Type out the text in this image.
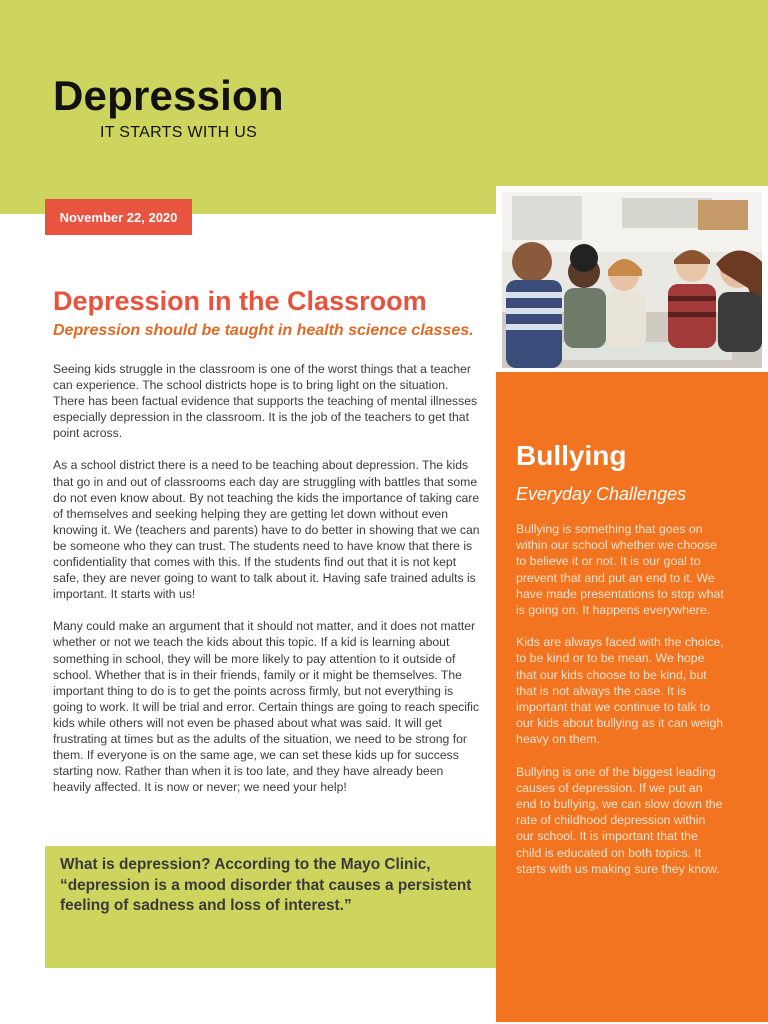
Depression
IT STARTS WITH US
November 22, 2020
Bullying
Everyday Challenges

Bullying is something that goes on within our school whether we choose to believe it or not. It is our goal to prevent that and put an end to it. We have made presentations to stop what is going on. It happens everywhere.

Kids are always faced with the choice, to be kind or to be mean. We hope that our kids choose to be kind, but that is not always the case. It is important that we continue to talk to our kids about bullying as it can weigh heavy on them.

Bullying is one of the biggest leading causes of depression. If we put an end to bullying, we can slow down the rate of childhood depression within our school. It is important that the child is educated on both topics. It starts with us making sure they know.

Depression in the Classroom
Depression should be taught in health science classes.

Seeing kids struggle in the classroom is one of the worst things that a teacher can experience. The school districts hope is to bring light on the situation. There has been factual evidence that supports the teaching of mental illnesses especially depression in the classroom. It is the job of the teachers to get that point across.

As a school district there is a need to be teaching about depression. The kids that go in and out of classrooms each day are struggling with battles that some do not even know about. By not teaching the kids the importance of taking care of themselves and seeking helping they are getting let down without even knowing it. We (teachers and parents) have to do better in showing that we can be someone who they can trust. The students need to have know that there is confidentiality that comes with this. If the students find out that it is not kept safe, they are never going to want to talk about it. Having safe trained adults is important. It starts with us!

Many could make an argument that it should not matter, and it does not matter whether or not we teach the kids about this topic. If a kid is learning about something in school, they will be more likely to pay attention to it outside of school. Whether that is in their friends, family or it might be themselves. The important thing to do is to get the points across firmly, but not everything is going to work. It will be trial and error. Certain things are going to reach specific kids while others will not even be phased about what was said. It will get frustrating at times but as the adults of the situation, we need to be strong for them. If everyone is on the same age, we can set these kids up for success starting now. Rather than when it is too late, and they have already been heavily affected. It is now or never; we need your help!

What is depression? According to the Mayo Clinic, “depression is a mood disorder that causes a persistent feeling of sadness and loss of interest.”
